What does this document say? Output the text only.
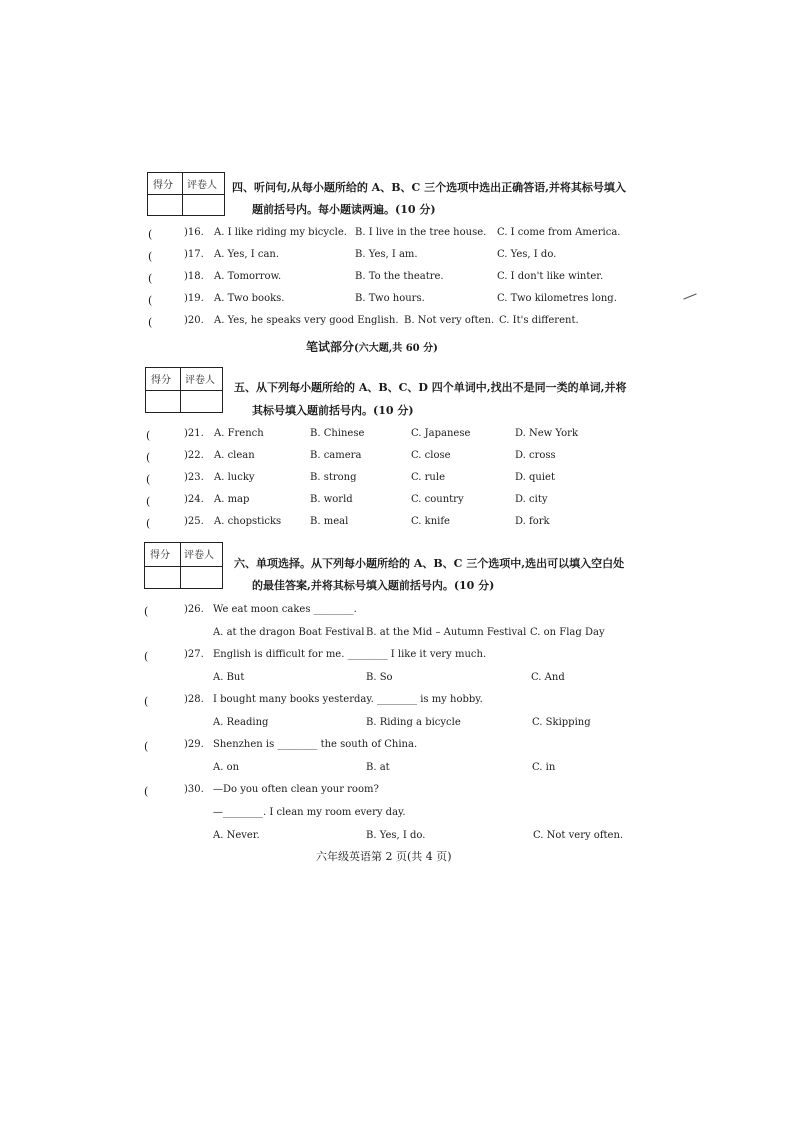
得分 评卷人 四、听问句,从每小题所给的 A、B、C 三个选项中选出正确答语,并将其标号填入
题前括号内。每小题读两遍。(10 分)
(	)16. A. I like riding my bicycle. B. I live in the tree house. C. I come from America.
(	)17. A. Yes, I can.	B. Yes, I am.	C. Yes, I do.
(	)18. A. Tomorrow.	B. To the theatre.	C. I don't like winter.
(	)19. A. Two books.	B. Two hours.	C. Two kilometres long.
(	)20. A. Yes, he speaks very good English. B. Not very often. C. It's different.
笔试部分(六大题,共 60 分)
得分 评卷人
五、从下列每小题所给的 A、B、C、D 四个单词中,找出不是同一类的单词,并将
其标号填入题前括号内。(10 分)
(	)21. A. French	B. Chinese	C. Japanese	D. New York
(	)22. A. clean	B. camera	C. close	D. cross
(	)23. A. lucky	B. strong	C. rule	D. quiet
(	)24. A. map	B. world	C. country	D. city
(	)25. A. chopsticks	B. meal	C. knife	D. fork
得分 评卷人
六、单项选择。从下列每小题所给的 A、B、C 三个选项中,选出可以填入空白处
的最佳答案,并将其标号填入题前括号内。(10 分)
(	)26. We eat moon cakes ________.
A. at the dragon Boat Festival B. at the Mid – Autumn Festival C. on Flag Day
(	)27. English is difficult for me. ________ I like it very much.
A. But	B. So	C. And
(	)28. I bought many books yesterday. ________ is my hobby.
A. Reading	B. Riding a bicycle	C. Skipping
(	)29. Shenzhen is ________ the south of China.
A. on	B. at	C. in
(	)30. —Do you often clean your room?
—________. I clean my room every day.
A. Never.	B. Yes, I do.	C. Not very often.
六年级英语第 2 页(共 4 页)
